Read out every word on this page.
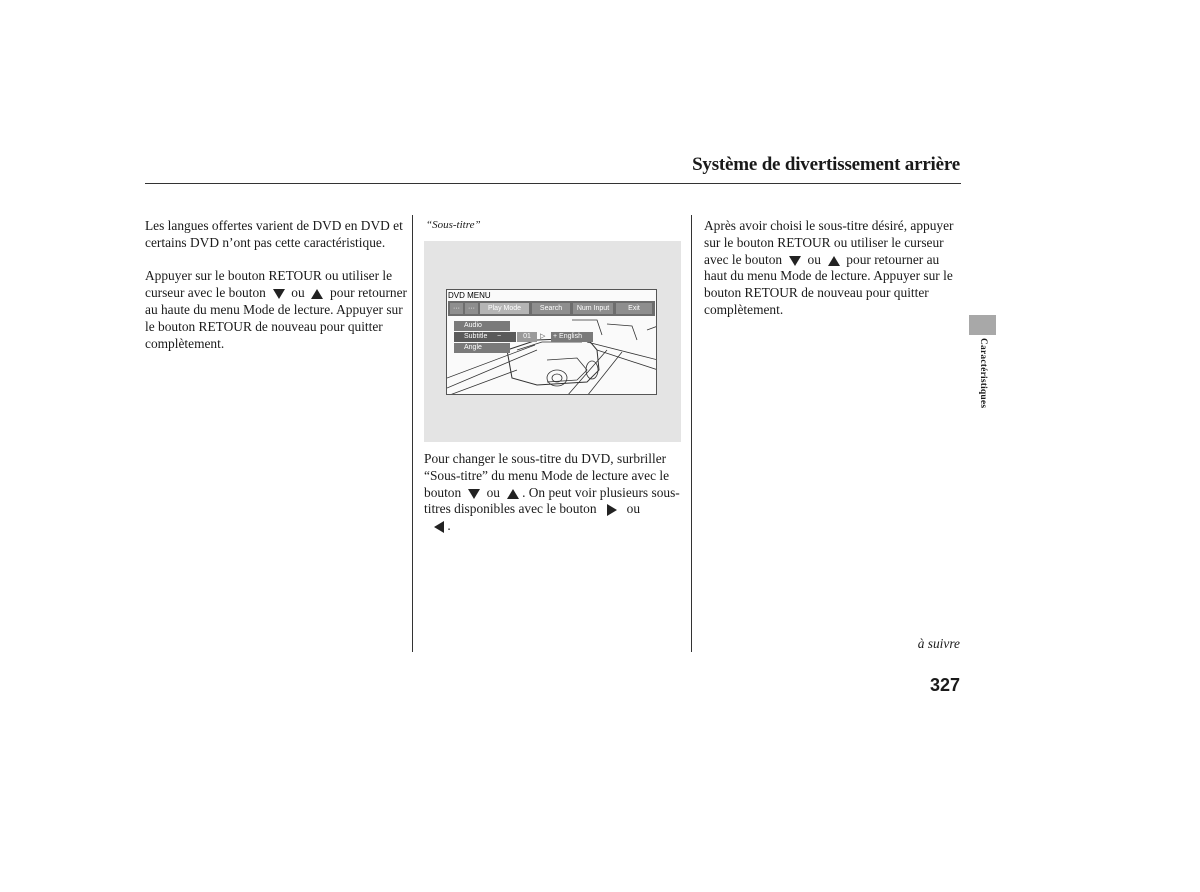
Système de divertissement arrière

Les langues offertes varient de DVD en DVD et certains DVD n’ont pas cette caractéristique.

Appuyer sur le bouton RETOUR ou utiliser le curseur avec le bouton ou pour retourner au haute du menu Mode de lecture. Appuyer sur le bouton RETOUR de nouveau pour quitter complètement.

“Sous-titre”
DVD MENU
···	···	Play Mode	Search	Num Input	Exit
Audio
Subtitle
Angle
−	01	▷ + English

Pour changer le sous-titre du DVD, surbriller “Sous-titre” du menu Mode de lecture avec le bouton ou . On peut voir plusieurs sous-titres disponibles avec le bouton ou
.

Après avoir choisi le sous-titre désiré, appuyer sur le bouton RETOUR ou utiliser le curseur avec le bouton ou pour retourner au haut du menu Mode de lecture. Appuyer sur le bouton RETOUR de nouveau pour quitter complètement.

Caractéristiques
à suivre
327
